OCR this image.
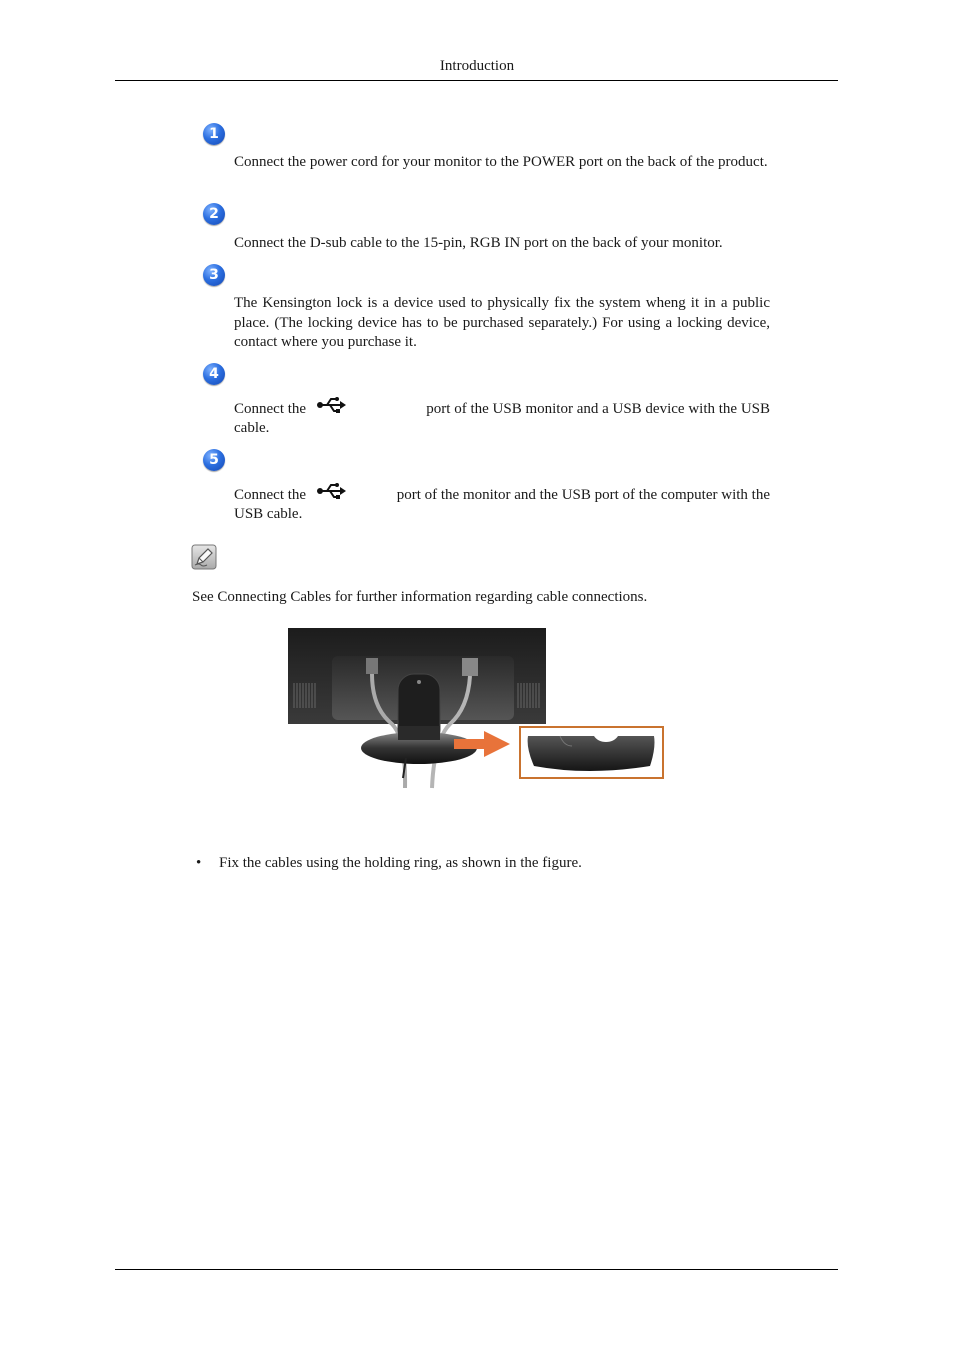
Introduction
1
Connect the power cord for your monitor to the POWER port on the back of the product.
2
Connect the D-sub cable to the 15-pin, RGB IN port on the back of your monitor.
3
The Kensington lock is a device used to physically fix the system wheng it in a public place. (The locking device has to be purchased separately.) For using a locking device, contact where you purchase it.
4
Connect the	port of the USB monitor and a USB device with the USB
cable.
5
Connect the	port of the monitor and the USB port of the computer with the
USB cable.
See Connecting Cables for further information regarding cable connections.
• Fix the cables using the holding ring, as shown in the figure.
